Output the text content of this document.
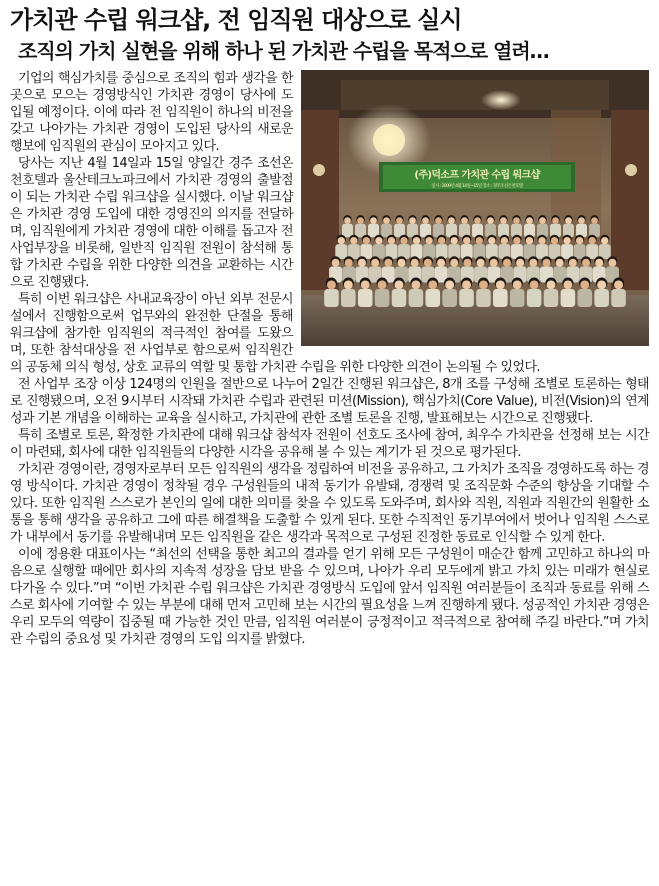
가치관 수립 워크샵, 전 임직원 대상으로 실시
조직의 가치 실현을 위해 하나 된 가치관 수립을 목적으로 열려…
(주)덕소프 가치관 수립 워크샵
일시 : 2009년 4월 14일~15일 장소 : 경주조선온천호텔

기업의 핵심가치를 중심으로 조직의 힘과 생각을 한 곳으로 모으는 경영방식인 가치관 경영이 당사에 도입될 예정이다. 이에 따라 전 임직원이 하나의 비전을 갖고 나아가는 가치관 경영이 도입된 당사의 새로운 행보에 임직원의 관심이 모아지고 있다.

당사는 지난 4월 14일과 15일 양일간 경주 조선온천호텔과 울산테크노파크에서 가치관 경영의 출발점이 되는 가치관 수립 워크샵을 실시했다. 이날 워크샵은 가치관 경영 도입에 대한 경영진의 의지를 전달하며, 임직원에게 가치관 경영에 대한 이해를 돕고자 전 사업부장을 비롯해, 일반직 임직원 전원이 참석해 통합 가치관 수립을 위한 다양한 의견을 교환하는 시간으로 진행됐다.

특히 이번 워크샵은 사내교육장이 아닌 외부 전문시설에서 진행함으로써 업무와의 완전한 단절을 통해 워크샵에 참가한 임직원의 적극적인 참여를 도왔으며, 또한 참석대상을 전 사업부로 함으로써 임직원간의 공동체 의식 형성, 상호 교류의 역할 및 통합 가치관 수립을 위한 다양한 의견이 논의될 수 있었다.

전 사업부 조장 이상 124명의 인원을 절반으로 나누어 2일간 진행된 워크샵은, 8개 조를 구성해 조별로 토론하는 형태로 진행됐으며, 오전 9시부터 시작돼 가치관 수립과 관련된 미션(Mission), 핵심가치(Core Value), 비전(Vision)의 연계성과 기본 개념을 이해하는 교육을 실시하고, 가치관에 관한 조별 토론을 진행, 발표해보는 시간으로 진행됐다.

특히 조별로 토론, 확정한 가치관에 대해 워크샵 참석자 전원이 선호도 조사에 참여, 최우수 가치관을 선정해 보는 시간이 마련돼, 회사에 대한 임직원들의 다양한 시각을 공유해 볼 수 있는 계기가 된 것으로 평가된다.

가치관 경영이란, 경영자로부터 모든 임직원의 생각을 정립하여 비전을 공유하고, 그 가치가 조직을 경영하도록 하는 경영 방식이다. 가치관 경영이 정착될 경우 구성원들의 내적 동기가 유발돼, 경쟁력 및 조직문화 수준의 향상을 기대할 수 있다. 또한 임직원 스스로가 본인의 일에 대한 의미를 찾을 수 있도록 도와주며, 회사와 직원, 직원과 직원간의 원활한 소통을 통해 생각을 공유하고 그에 따른 해결책을 도출할 수 있게 된다. 또한 수직적인 동기부여에서 벗어나 임직원 스스로가 내부에서 동기를 유발해내며 모든 임직원을 같은 생각과 목적으로 구성된 진정한 동료로 인식할 수 있게 한다.

이에 정용환 대표이사는 “최선의 선택을 통한 최고의 결과를 얻기 위해 모든 구성원이 매순간 함께 고민하고 하나의 마음으로 실행할 때에만 회사의 지속적 성장을 담보 받을 수 있으며, 나아가 우리 모두에게 밝고 가치 있는 미래가 현실로 다가올 수 있다.”며 “이번 가치관 수립 워크샵은 가치관 경영방식 도입에 앞서 임직원 여러분들이 조직과 동료를 위해 스스로 회사에 기여할 수 있는 부분에 대해 먼저 고민해 보는 시간의 필요성을 느껴 진행하게 됐다. 성공적인 가치관 경영은 우리 모두의 역량이 집중될 때 가능한 것인 만큼, 임직원 여러분이 긍정적이고 적극적으로 참여해 주길 바란다.”며 가치관 수립의 중요성 및 가치관 경영의 도입 의지를 밝혔다.
